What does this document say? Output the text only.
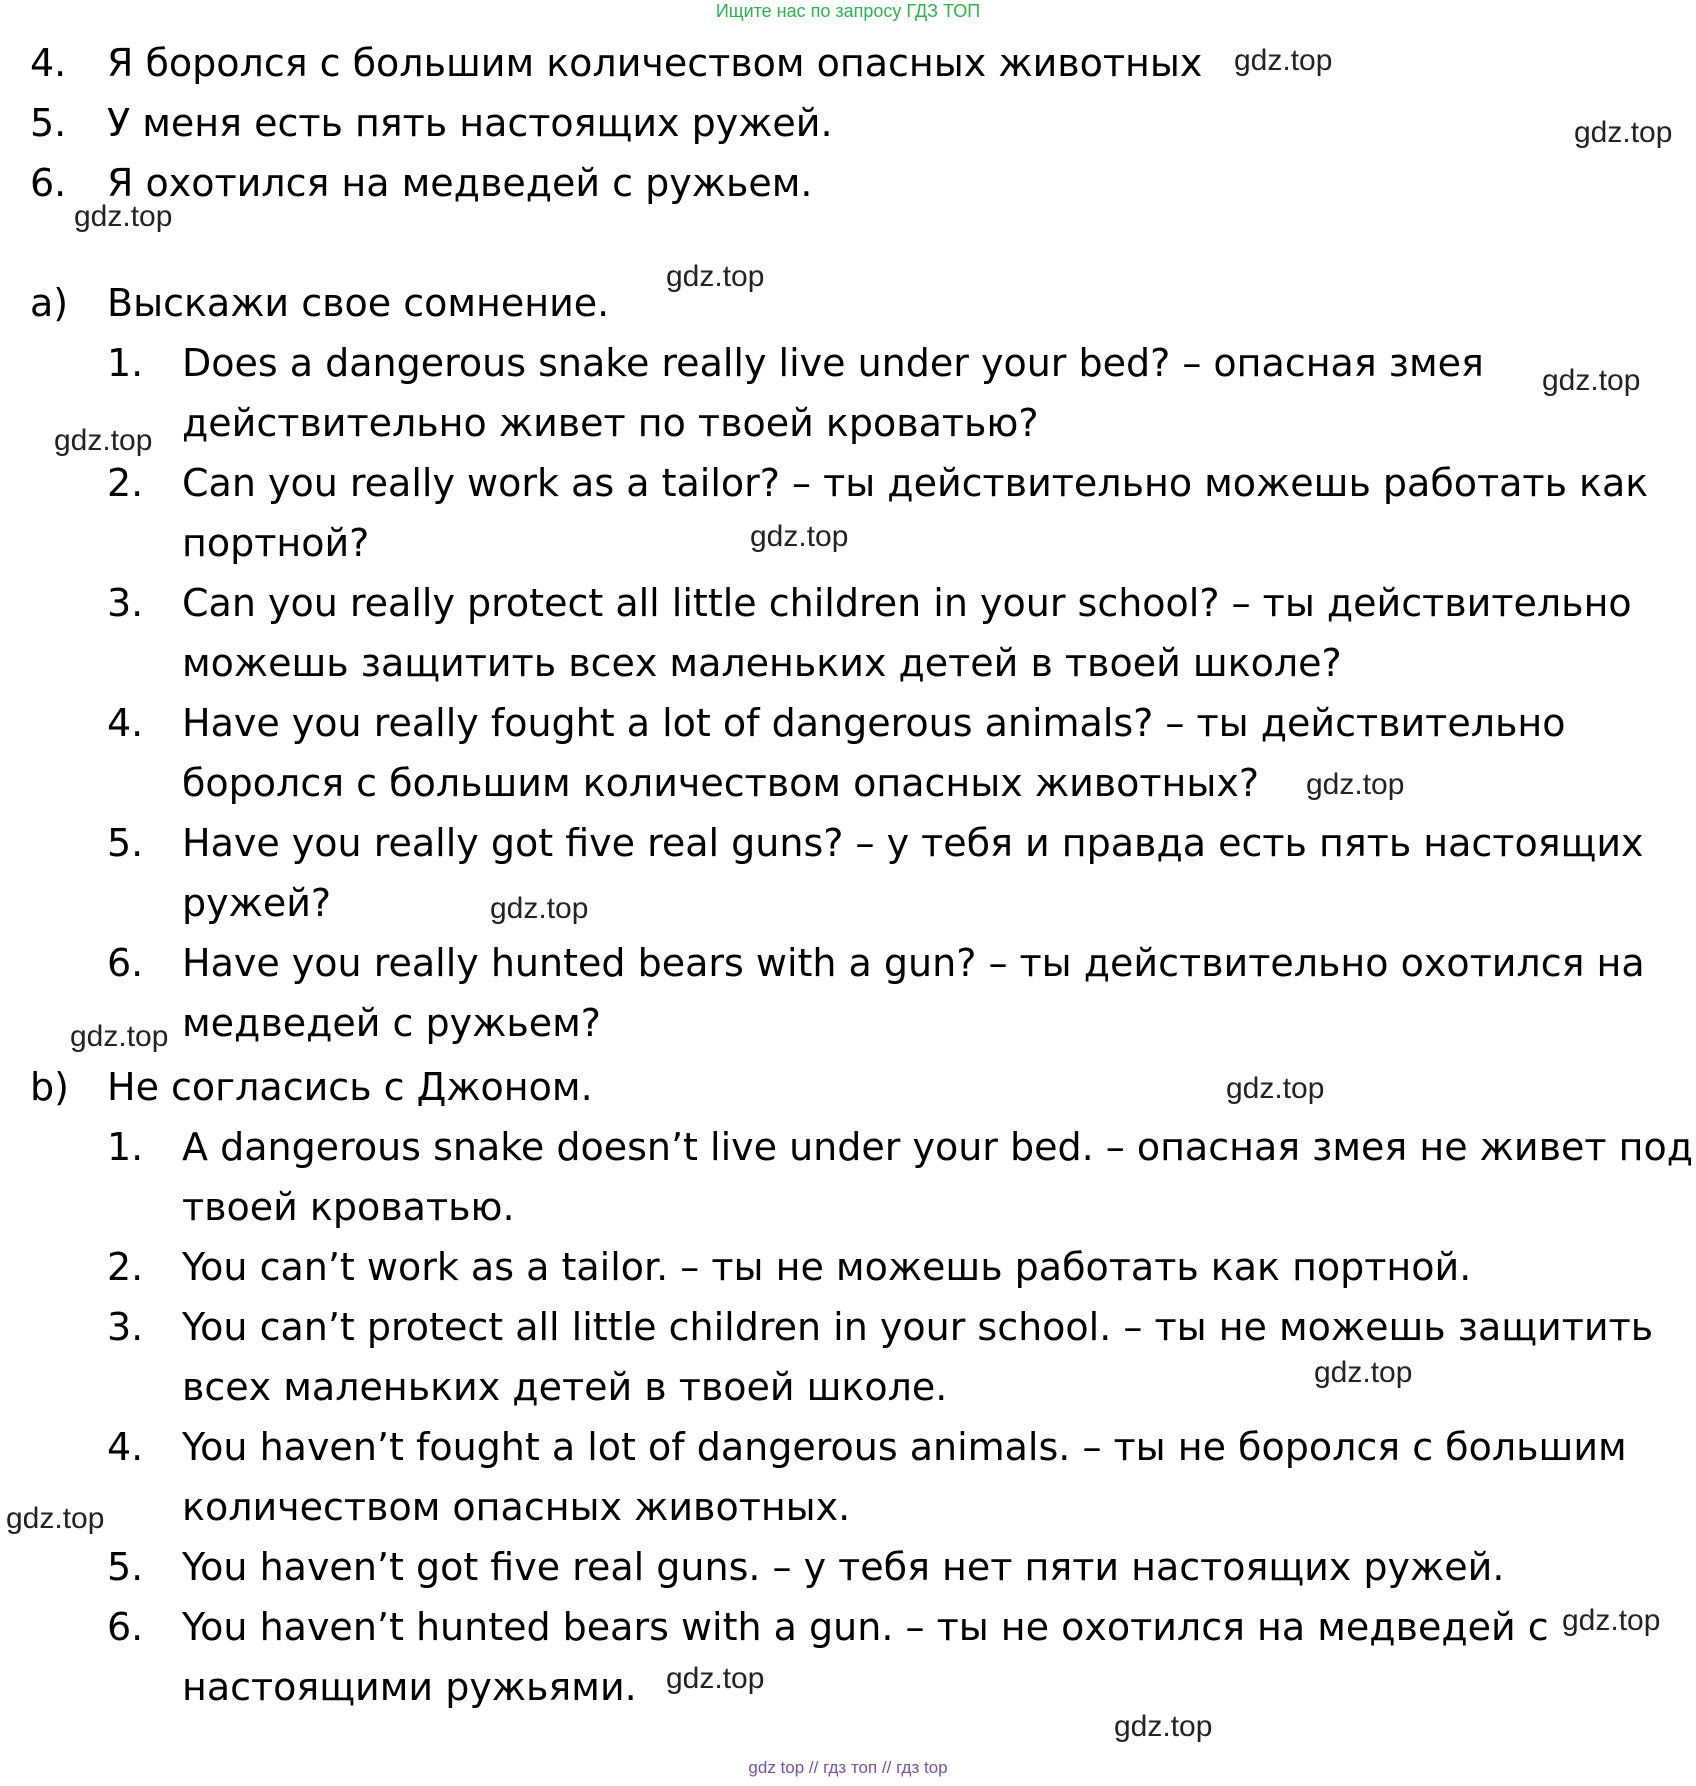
Ищите нас по запросу ГДЗ ТОП
4. Я боролся с большим количеством опасных животных
5. У меня есть пять настоящих ружей.
6. Я охотился на медведей с ружьем.
a) Выскажи свое сомнение.
1. Does a dangerous snake really live under your bed? – опасная змея
действительно живет по твоей кроватью?
2. Can you really work as a tailor? – ты действительно можешь работать как
портной?
3. Can you really protect all little children in your school? – ты действительно
можешь защитить всех маленьких детей в твоей школе?
4. Have you really fought a lot of dangerous animals? – ты действительно
боролся с большим количеством опасных животных?
5. Have you really got five real guns? – у тебя и правда есть пять настоящих
ружей?
6. Have you really hunted bears with a gun? – ты действительно охотился на
медведей с ружьем?
b) Не согласись с Джоном.
1. A dangerous snake doesn’t live under your bed. – опасная змея не живет под
твоей кроватью.
2. You can’t work as a tailor. – ты не можешь работать как портной.
3. You can’t protect all little children in your school. – ты не можешь защитить
всех маленьких детей в твоей школе.
4. You haven’t fought a lot of dangerous animals. – ты не боролся с большим
количеством опасных животных.
5. You haven’t got five real guns. – у тебя нет пяти настоящих ружей.
6. You haven’t hunted bears with a gun. – ты не охотился на медведей с
настоящими ружьями.
gdz.top
gdz.top
gdz.top
gdz.top
gdz.top
gdz.top
gdz.top
gdz.top
gdz.top
gdz.top
gdz.top
gdz.top
gdz.top
gdz.top
gdz.top
gdz.top
gdz top // гдз топ // гдз top
